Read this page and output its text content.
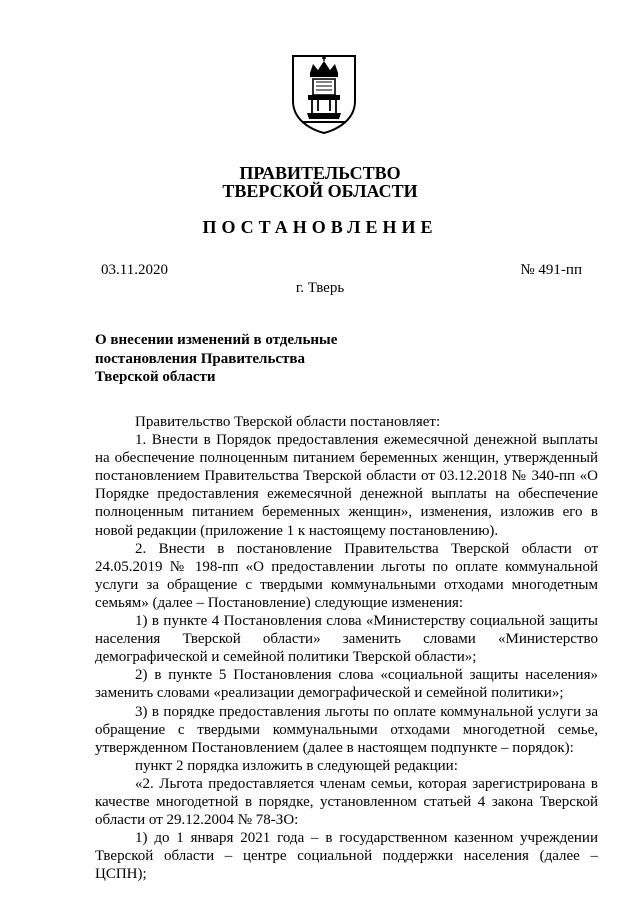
ПРАВИТЕЛЬСТВО
ТВЕРСКОЙ ОБЛАСТИ
ПОСТАНОВЛЕНИЕ
03.11.2020	№ 491-пп
г. Тверь
О внесении изменений в отдельные
постановления Правительства
Тверской области

Правительство Тверской области постановляет:

1. Внести в Порядок предоставления ежемесячной денежной выплаты на обеспечение полноценным питанием беременных женщин, утвержденный постановлением Правительства Тверской области от 03.12.2018 № 340-пп «О Порядке предоставления ежемесячной денежной выплаты на обеспечение полноценным питанием беременных женщин», изменения, изложив его в новой редакции (приложение 1 к настоящему постановлению).

2. Внести в постановление Правительства Тверской области от 24.05.2019 № 198-пп «О предоставлении льготы по оплате коммунальной услуги за обращение с твердыми коммунальными отходами многодетным семьям» (далее – Постановление) следующие изменения:

1) в пункте 4 Постановления слова «Министерству социальной защиты населения Тверской области» заменить словами «Министерство демографической и семейной политики Тверской области»;

2) в пункте 5 Постановления слова «социальной защиты населения» заменить словами «реализации демографической и семейной политики»;

3) в порядке предоставления льготы по оплате коммунальной услуги за обращение с твердыми коммунальными отходами многодетной семье, утвержденном Постановлением (далее в настоящем подпункте – порядок):

пункт 2 порядка изложить в следующей редакции:

«2. Льгота предоставляется членам семьи, которая зарегистрирована в качестве многодетной в порядке, установленном статьей 4 закона Тверской области от 29.12.2004 № 78-ЗО:

1) до 1 января 2021 года – в государственном казенном учреждении Тверской области – центре социальной поддержки населения (далее – ЦСПН);
